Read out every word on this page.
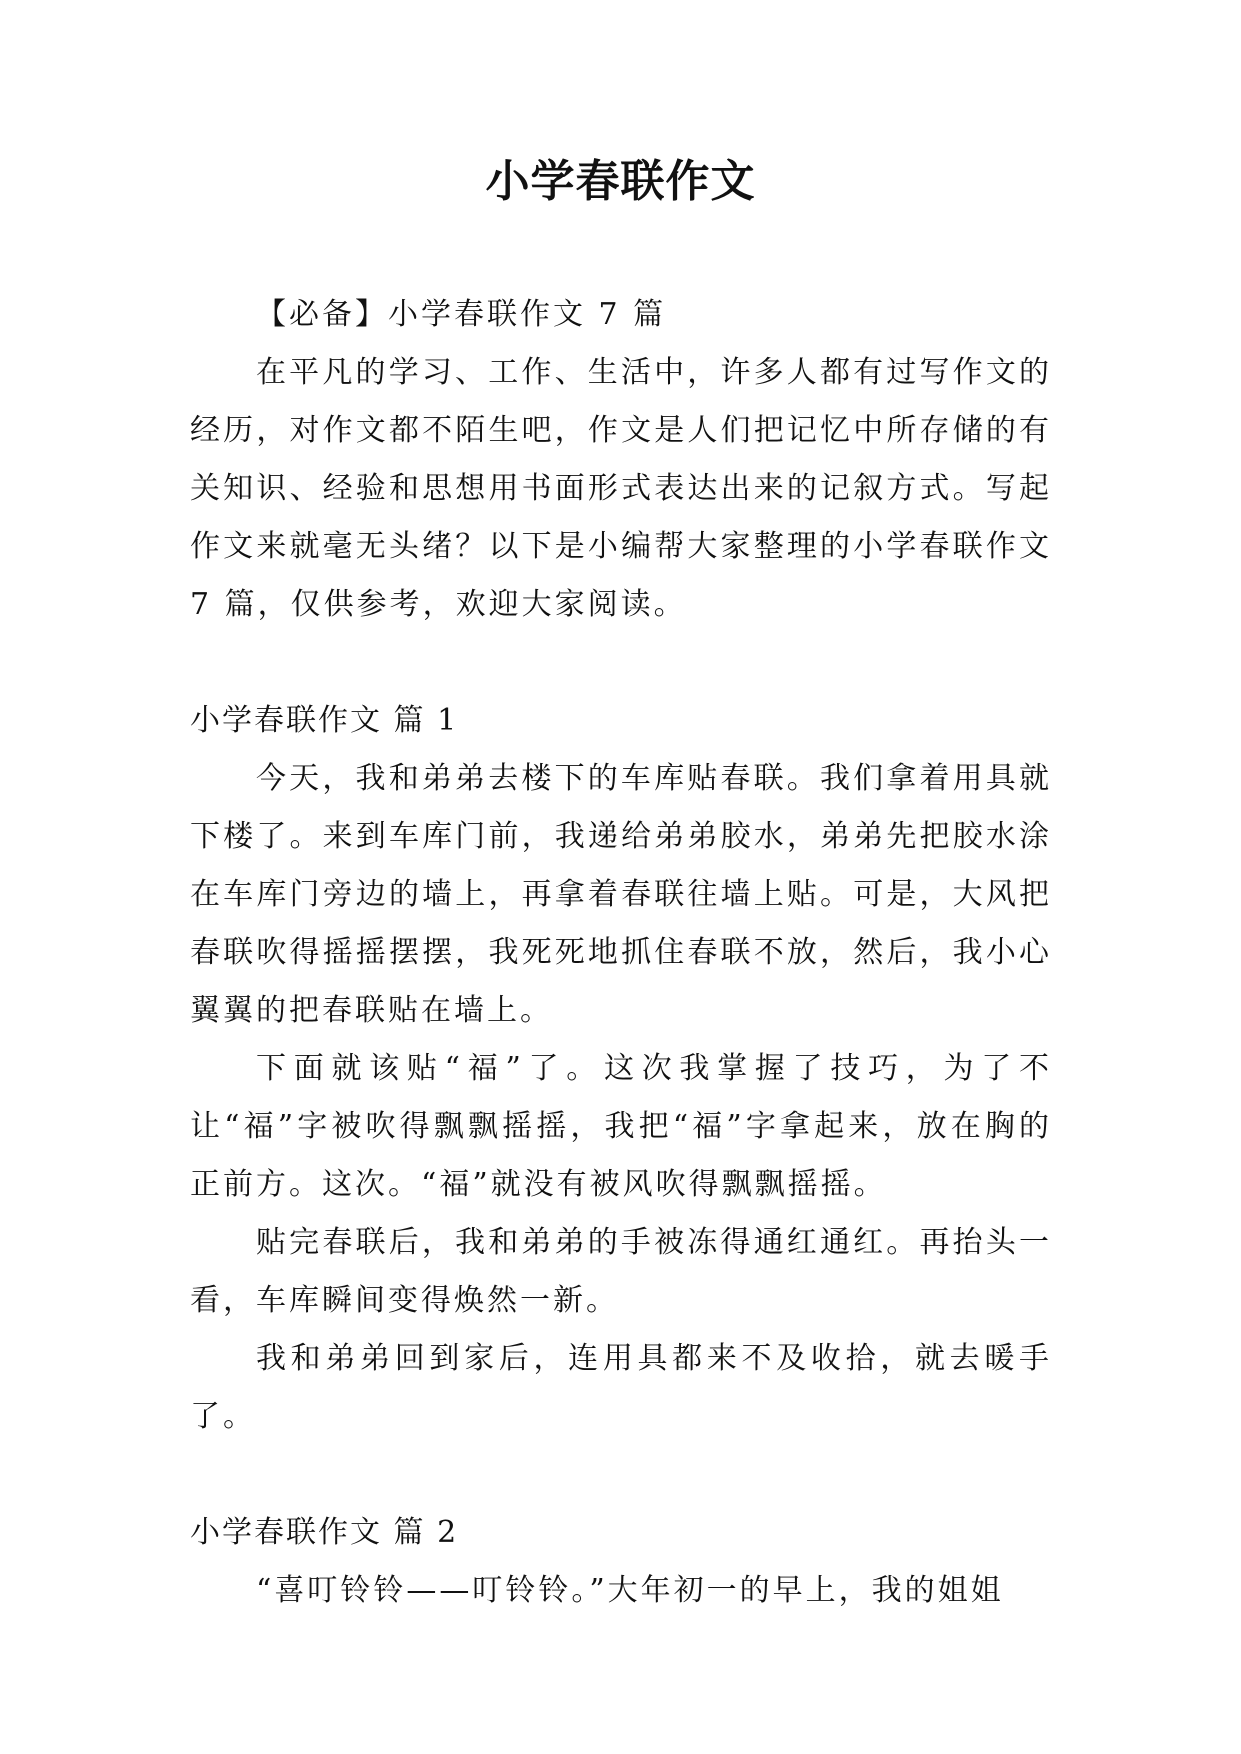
小学春联作文

【必备】小学春联作文 7 篇

在平凡的学习、工作、生活中，许多人都有过写作文的经历，对作文都不陌生吧，作文是人们把记忆中所存储的有关知识、经验和思想用书面形式表达出来的记叙方式。写起作文来就毫无头绪？以下是小编帮大家整理的小学春联作文 7 篇，仅供参考，欢迎大家阅读。

小学春联作文 篇 1

今天，我和弟弟去楼下的车库贴春联。我们拿着用具就下楼了。来到车库门前，我递给弟弟胶水，弟弟先把胶水涂在车库门旁边的墙上，再拿着春联往墙上贴。可是，大风把春联吹得摇摇摆摆，我死死地抓住春联不放，然后，我小心翼翼的把春联贴在墙上。

下面就该贴“福”了。这次我掌握了技巧，为了不让“福”字被吹得飘飘摇摇，我把“福”字拿起来，放在胸的正前方。这次。“福”就没有被风吹得飘飘摇摇。

贴完春联后，我和弟弟的手被冻得通红通红。再抬头一看，车库瞬间变得焕然一新。

我和弟弟回到家后，连用具都来不及收拾，就去暖手了。

小学春联作文 篇 2

“喜叮铃铃——叮铃铃。”大年初一的早上，我的姐姐
